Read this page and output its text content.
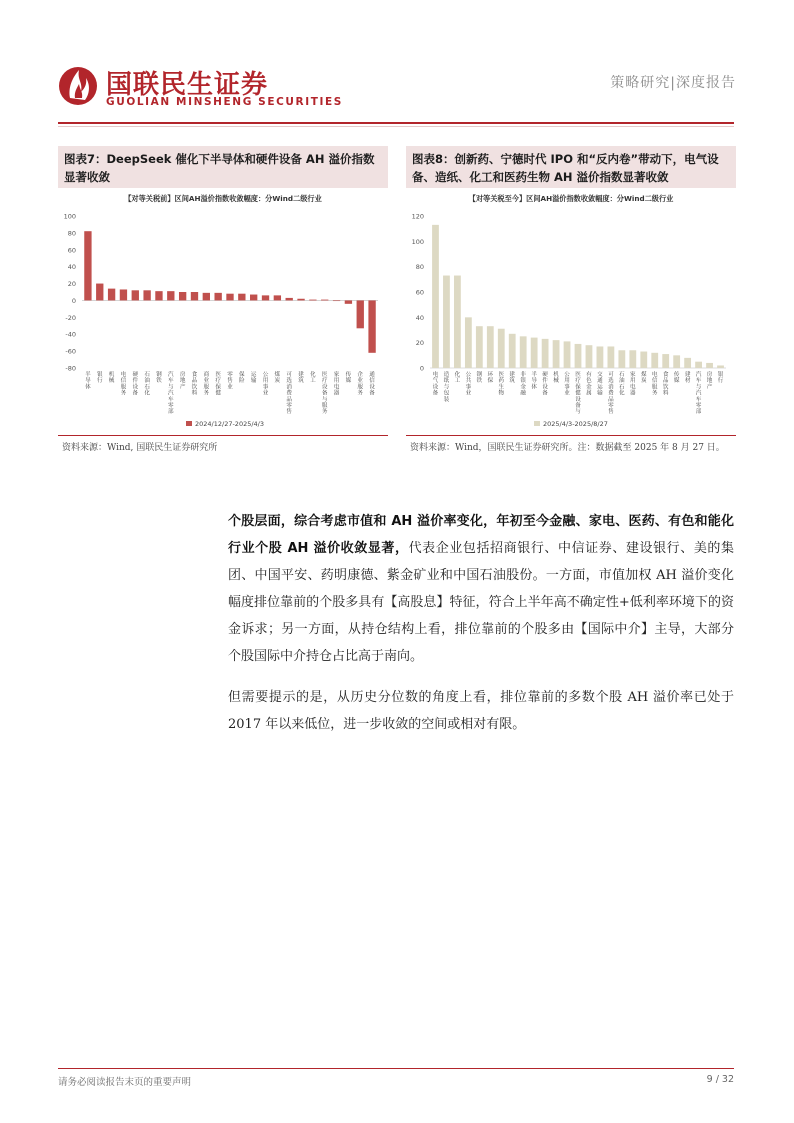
国联民生证券
GUOLIAN MINSHENG SECURITIES
策略研究|深度报告
图表7：DeepSeek 催化下半导体和硬件设备 AH 溢价指数显著收敛
【对等关税前】区间AH溢价指数收敛幅度：分Wind二级行业
-80
-60
-40
-20
0
20
40
60
80
100
半导体
银行
机械
电信服务
硬件设备
石油石化
钢铁
汽车与汽车零部
房地产
食品饮料
商业服务
医疗保健
零售业
保险
运输
公用事业
煤炭
可选消费品零售
建筑
化工
医疗设备与服务
家用电器
传媒
企业服务
通信设备
2024/12/27-2025/4/3
资料来源：Wind, 国联民生证券研究所
图表8：创新药、宁德时代 IPO 和“反内卷”带动下，电气设备、造纸、化工和医药生物 AH 溢价指数显著收敛
【对等关税至今】区间AH溢价指数收敛幅度：分Wind二级行业
0
20
40
60
80
100
120
电气设备
造纸与包装
化工
公共事业
钢铁
环保
医药生物
建筑
非银金融
半导体
硬件设备
机械
公用事业
医疗保健设备与
有色金属
交通运输
可选消费品零售
石油石化
家用电器
煤炭
电信服务
食品饮料
传媒
建材
汽车与汽车零部
房地产
银行
2025/4/3-2025/8/27
资料来源：Wind，国联民生证券研究所。注：数据截至 2025 年 8 月 27 日。
个股层面，综合考虑市值和 AH 溢价率变化，年初至今金融、家电、医药、有色和能化行业个股 AH 溢价收敛显著，代表企业包括招商银行、中信证券、建设银行、美的集团、中国平安、药明康德、紫金矿业和中国石油股份。一方面，市值加权 AH 溢价变化幅度排位靠前的个股多具有【高股息】特征，符合上半年高不确定性+低利率环境下的资金诉求；另一方面，从持仓结构上看，排位靠前的个股多由【国际中介】主导，大部分个股国际中介持仓占比高于南向。
但需要提示的是，从历史分位数的角度上看，排位靠前的多数个股 AH 溢价率已处于 2017 年以来低位，进一步收敛的空间或相对有限。
请务必阅读报告末页的重要声明	9 / 32
